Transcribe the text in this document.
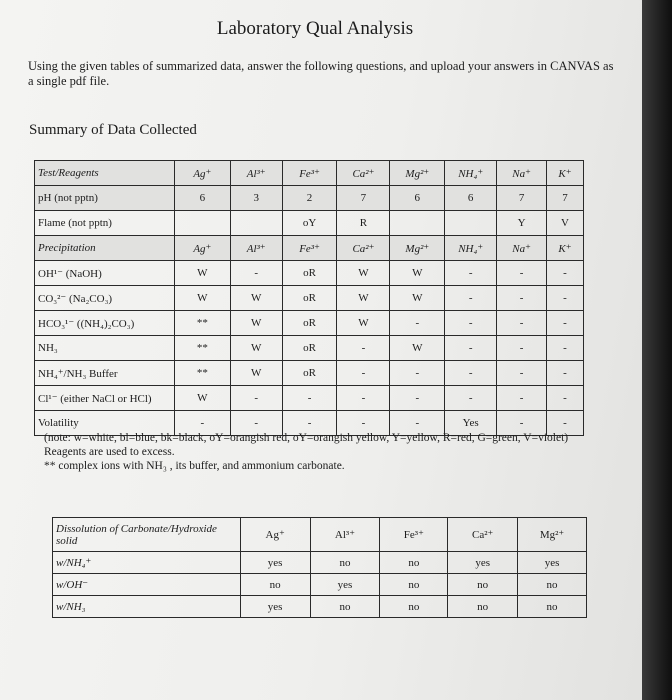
Laboratory Qual Analysis
Using the given tables of summarized data, answer the following questions, and upload your answers in CANVAS as a single pdf file.
Summary of Data Collected
Test/Reagents	Ag⁺	Al³⁺	Fe³⁺	Ca²⁺	Mg²⁺	NH₄⁺	Na⁺	K⁺
pH (not pptn)	6	3	2	7	6	6	7	7
Flame (not pptn)			oY	R			Y	V
Precipitation	Ag⁺	Al³⁺	Fe³⁺	Ca²⁺	Mg²⁺	NH₄⁺	Na⁺	K⁺
OH¹⁻ (NaOH)	W	-	oR	W	W	-	-	-
CO₃²⁻ (Na₂CO₃)	W	W	oR	W	W	-	-	-
HCO₃¹⁻ ((NH₄)₂CO₃)	**	W	oR	W	-	-	-	-
NH₃	**	W	oR	-	W	-	-	-
NH₄⁺/NH₃ Buffer	**	W	oR	-	-	-	-	-
Cl¹⁻ (either NaCl or HCl)	W	-	-	-	-	-	-	-
Volatility	-	-	-	-	-	Yes	-	-
(note: w=white, bl=blue, bk=black, oY=orangish red, oY=orangish yellow, Y=yellow, R=red, G=green, V=violet)
Reagents are used to excess.
** complex ions with NH₃ , its buffer, and ammonium carbonate.
Dissolution of Carbonate/Hydroxide solid	Ag⁺	Al³⁺	Fe³⁺	Ca²⁺	Mg²⁺
w/NH₄⁺	yes	no	no	yes	yes
w/OH⁻	no	yes	no	no	no
w/NH₃	yes	no	no	no	no
